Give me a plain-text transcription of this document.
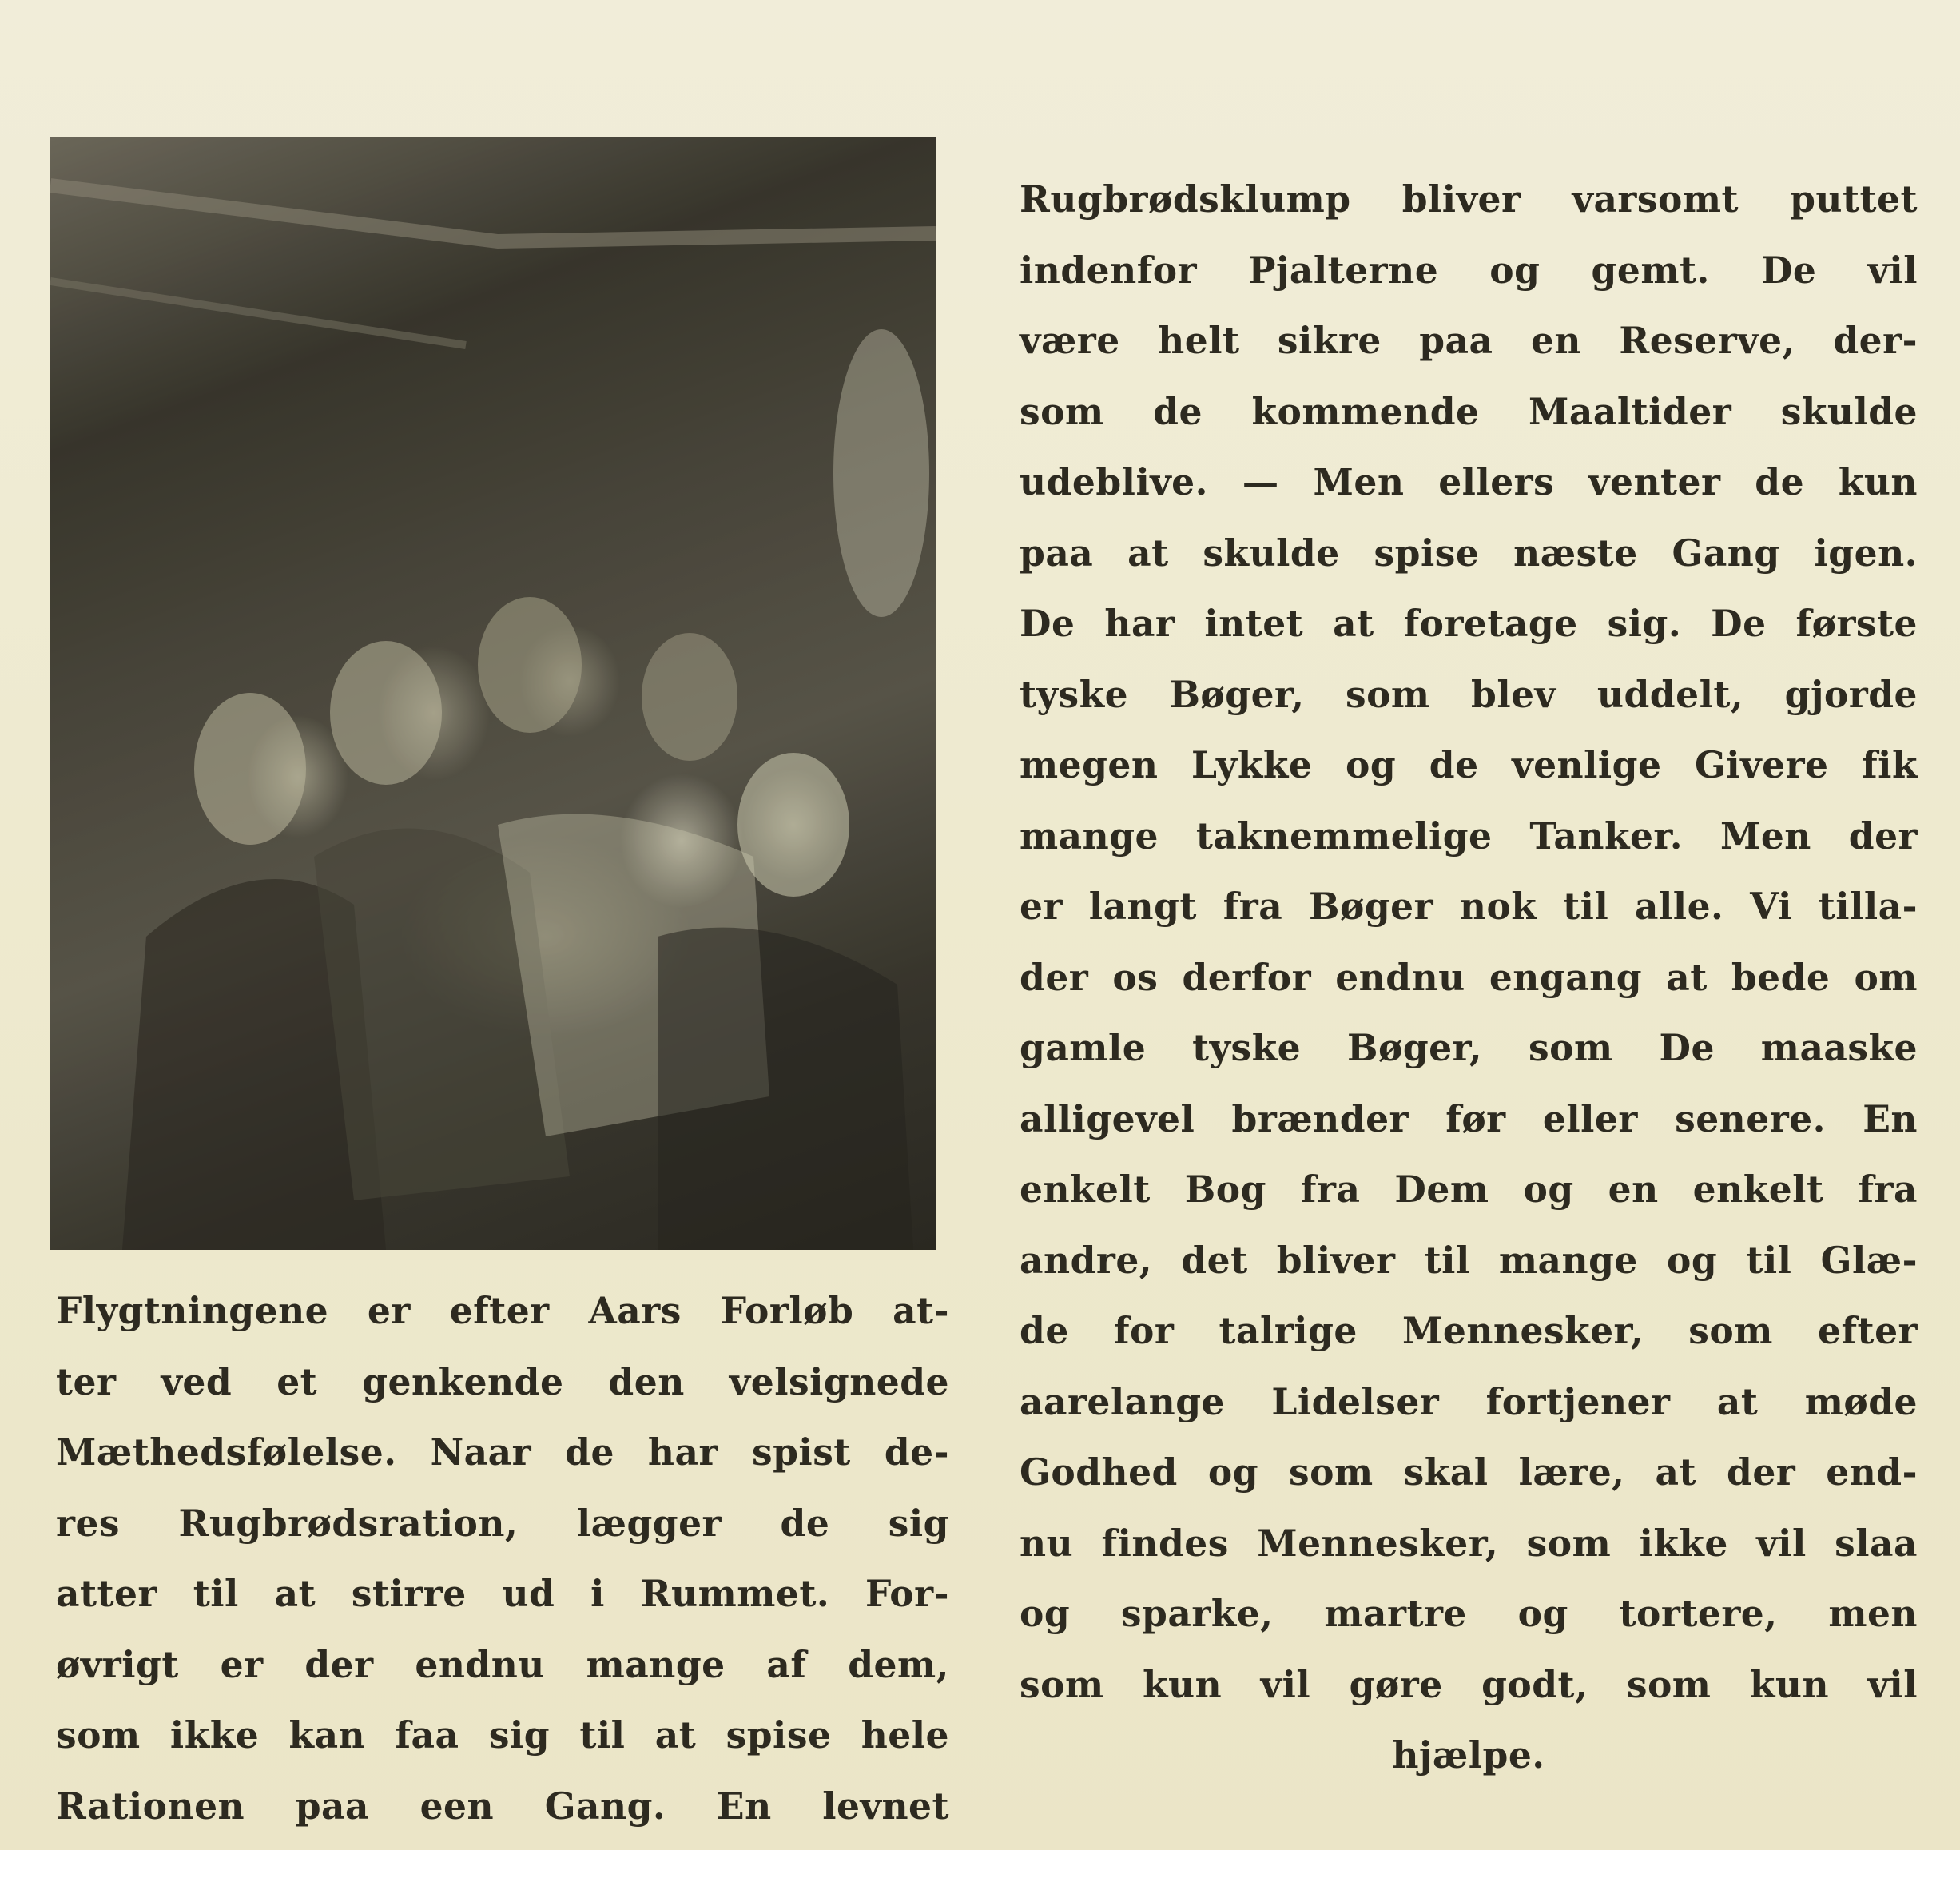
Flygtningene er efter Aars Forløb at-
ter ved et genkende den velsignede
Mæthedsfølelse. Naar de har spist de-
res Rugbrødsration, lægger de sig
atter til at stirre ud i Rummet. For-
øvrigt er der endnu mange af dem,
som ikke kan faa sig til at spise hele
Rationen paa een Gang. En levnet
Rugbrødsklump bliver varsomt puttet
indenfor Pjalterne og gemt. De vil
være helt sikre paa en Reserve, der-
som de kommende Maaltider skulde
udeblive. — Men ellers venter de kun
paa at skulde spise næste Gang igen.
De har intet at foretage sig. De første
tyske Bøger, som blev uddelt, gjorde
megen Lykke og de venlige Givere fik
mange taknemmelige Tanker. Men der
er langt fra Bøger nok til alle. Vi tilla-
der os derfor endnu engang at bede om
gamle tyske Bøger, som De maaske
alligevel brænder før eller senere. En
enkelt Bog fra Dem og en enkelt fra
andre, det bliver til mange og til Glæ-
de for talrige Mennesker, som efter
aarelange Lidelser fortjener at møde
Godhed og som skal lære, at der end-
nu findes Mennesker, som ikke vil slaa
og sparke, martre og tortere, men
som kun vil gøre godt, som kun vil
hjælpe.
